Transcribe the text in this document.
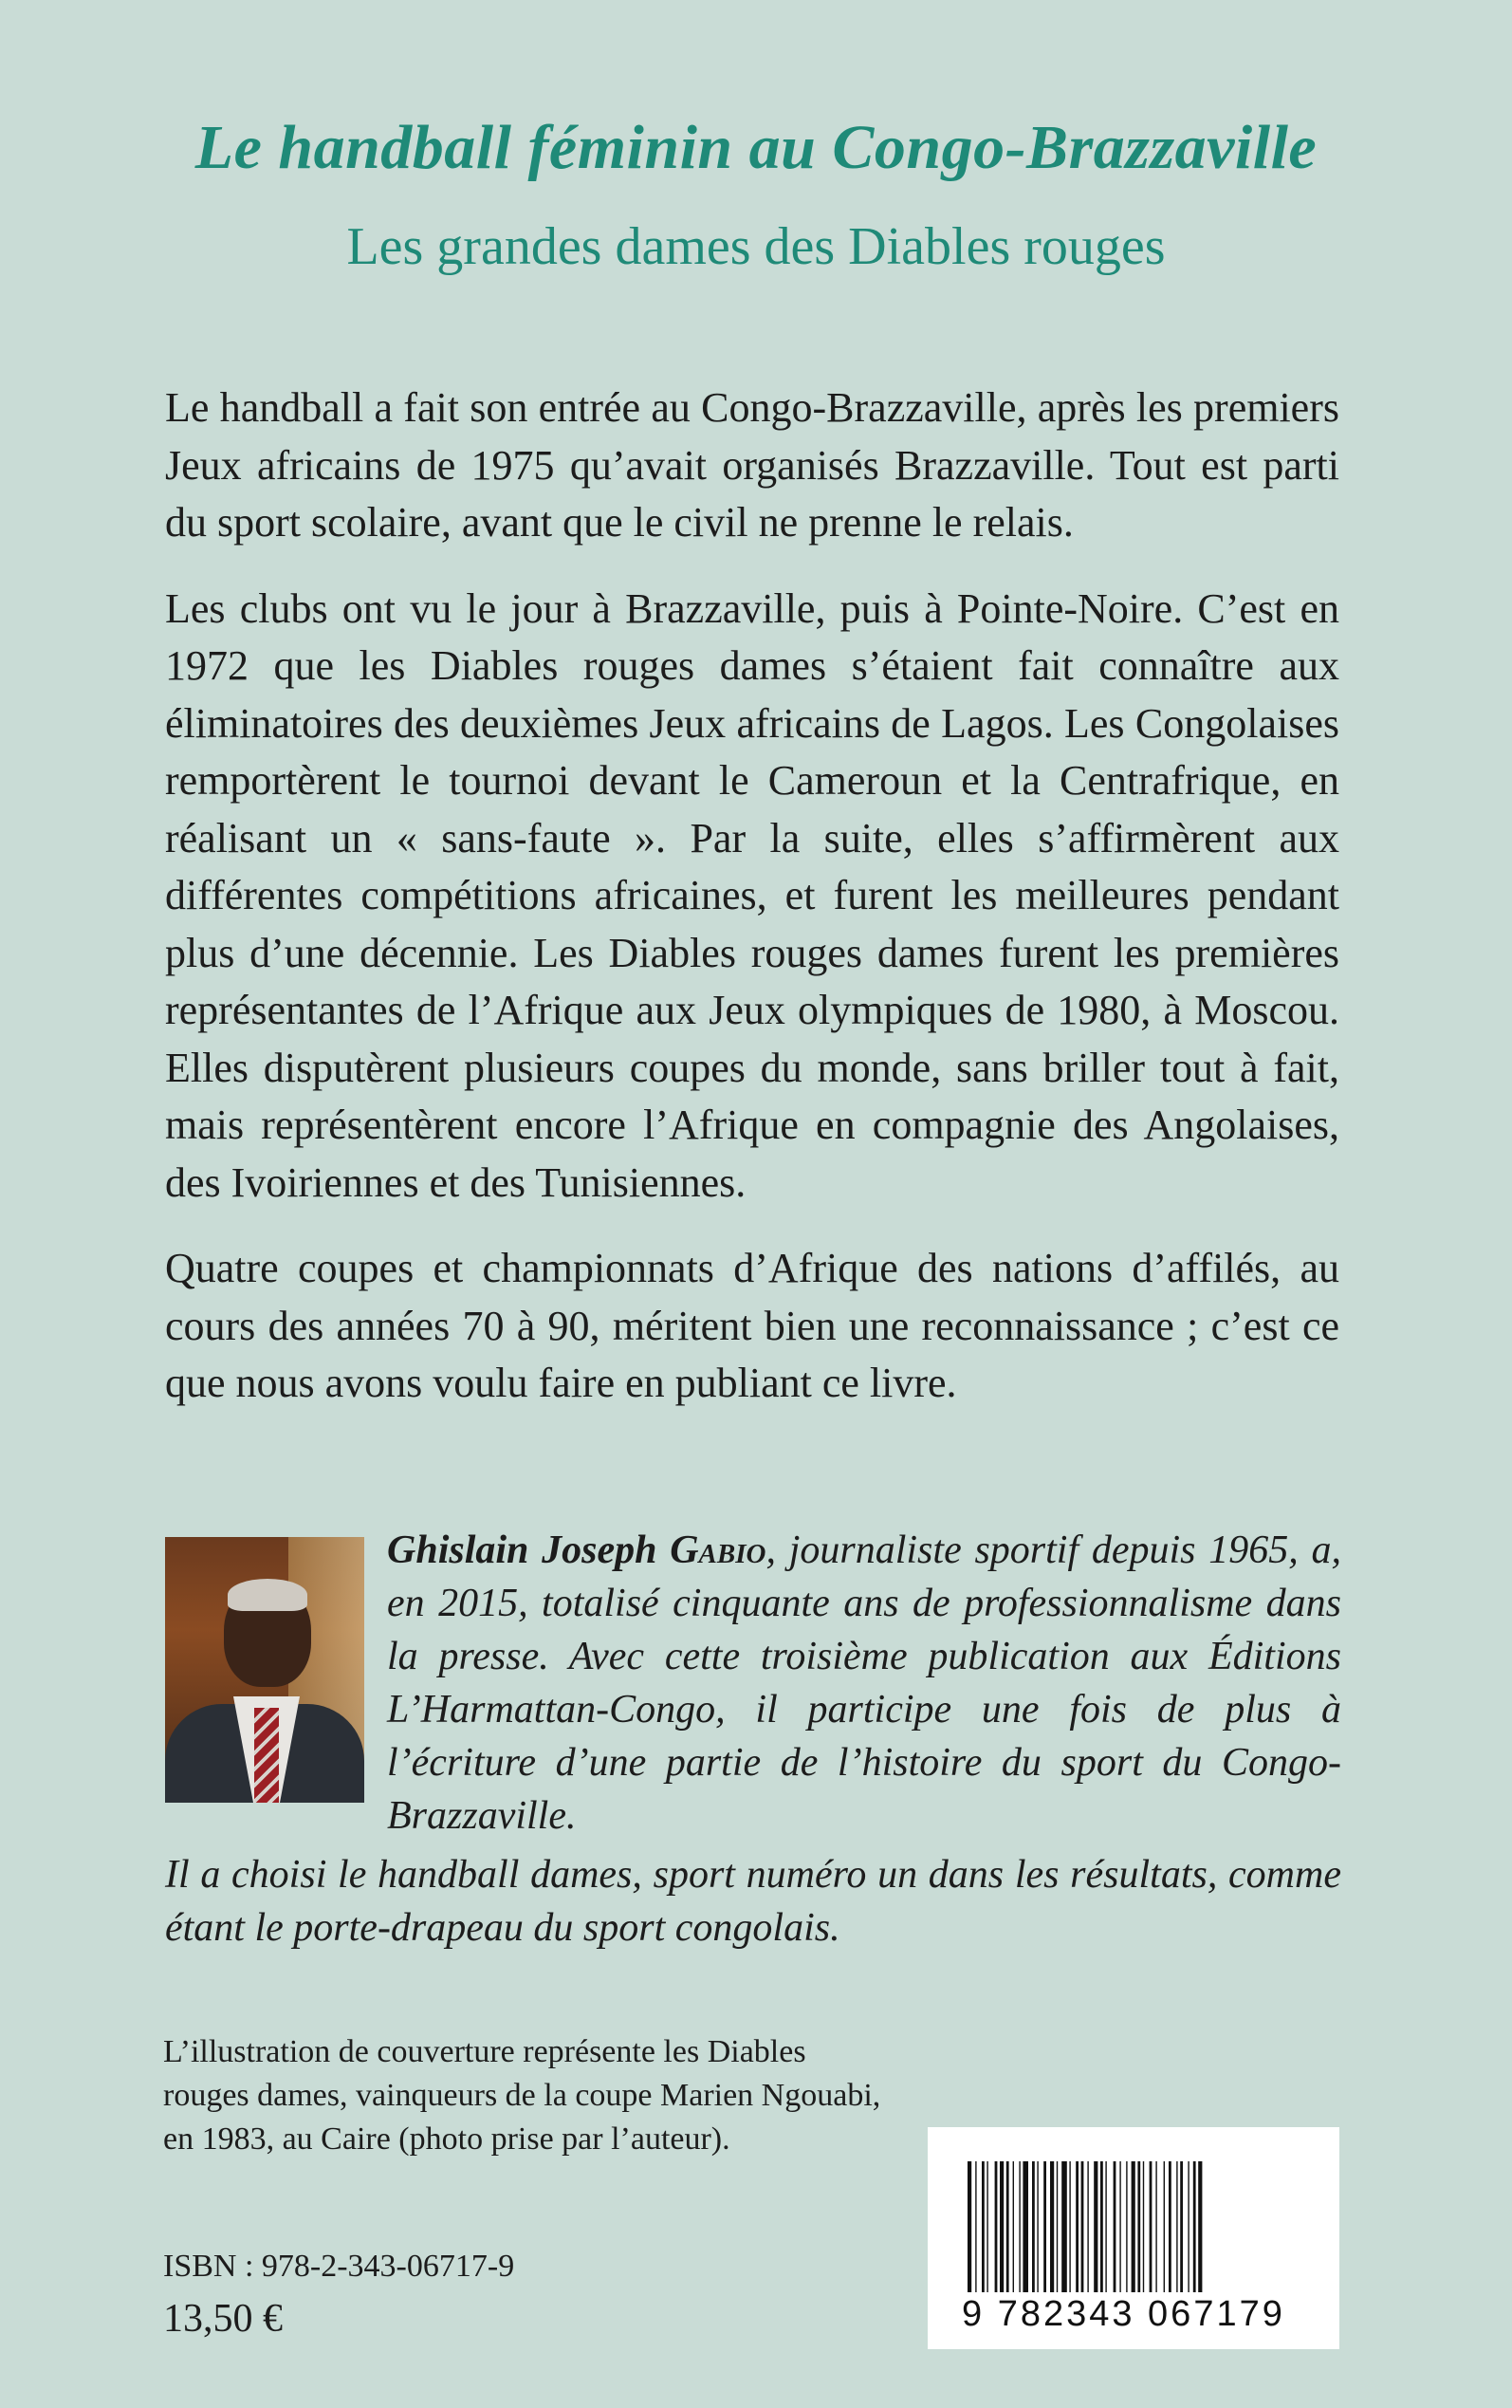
Le handball féminin au Congo-Brazzaville
Les grandes dames des Diables rouges

Le handball a fait son entrée au Congo-Brazzaville, après les premiers Jeux africains de 1975 qu’avait organisés Brazzaville. Tout est parti du sport scolaire, avant que le civil ne prenne le relais.

Les clubs ont vu le jour à Brazzaville, puis à Pointe-Noire. C’est en 1972 que les Diables rouges dames s’étaient fait connaître aux éliminatoires des deuxièmes Jeux africains de Lagos. Les Congolaises remportèrent le tournoi devant le Cameroun et la Centrafrique, en réalisant un « sans-faute ». Par la suite, elles s’affirmèrent aux différentes compétitions africaines, et furent les meilleures pendant plus d’une décennie. Les Diables rouges dames furent les premières représentantes de l’Afrique aux Jeux olympiques de 1980, à Moscou. Elles disputèrent plusieurs coupes du monde, sans briller tout à fait, mais représentèrent encore l’Afrique en compagnie des Angolaises, des Ivoiriennes et des Tunisiennes.

Quatre coupes et championnats d’Afrique des nations d’affilés, au cours des années 70 à 90, méritent bien une reconnaissance ; c’est ce que nous avons voulu faire en publiant ce livre.

Ghislain Joseph Gabio, journaliste sportif depuis 1965, a, en 2015, totalisé cinquante ans de professionnalisme dans la presse. Avec cette troisième publication aux Éditions L’Harmattan-Congo, il participe une fois de plus à l’écriture d’une partie de l’histoire du sport du Congo-Brazzaville.

Il a choisi le handball dames, sport numéro un dans les résultats, comme étant le porte-drapeau du sport congolais.

L’illustration de couverture représente les Diables rouges dames, vainqueurs de la coupe Marien Ngouabi, en 1983, au Caire (photo prise par l’auteur).
ISBN : 978-2-343-06717-9
13,50 €	9 782343 067179
